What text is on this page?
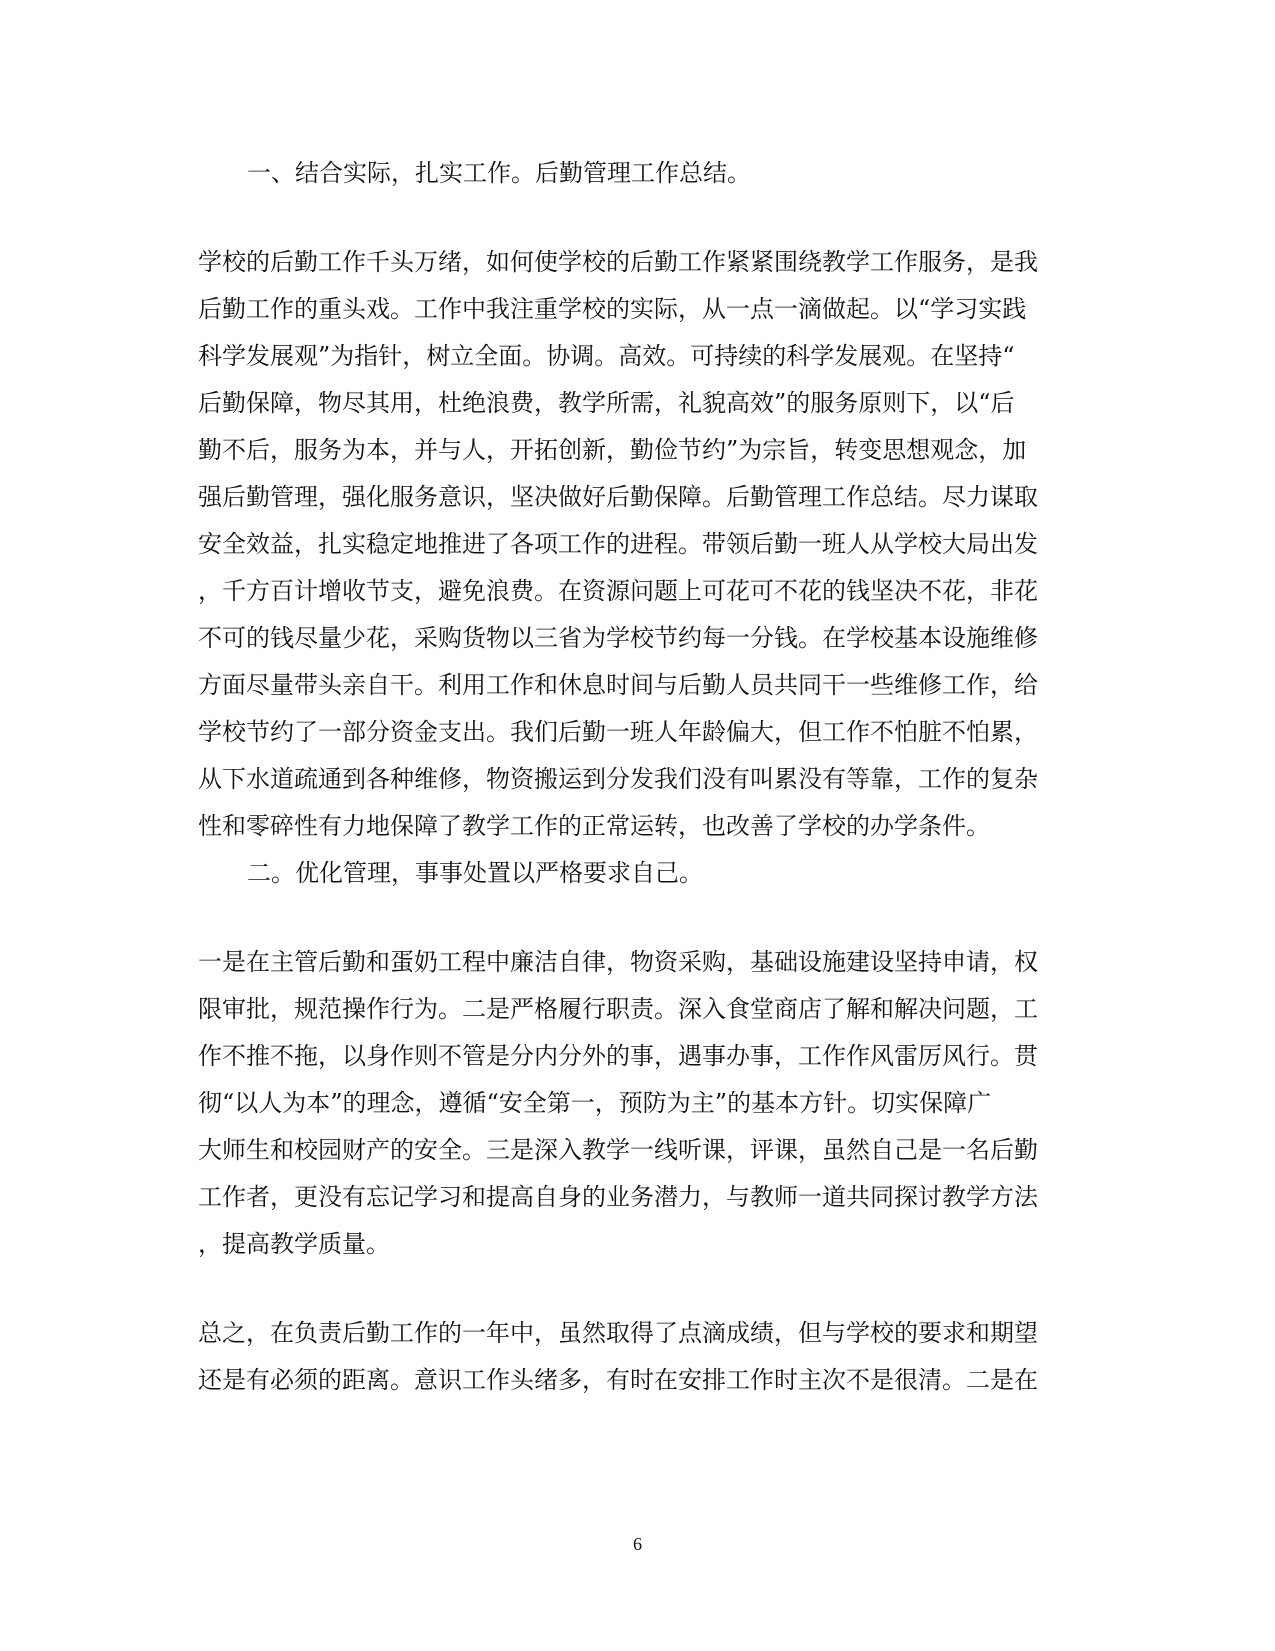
一、结合实际，扎实工作。后勤管理工作总结。
学校的后勤工作千头万绪，如何使学校的后勤工作紧紧围绕教学工作服务，是我
后勤工作的重头戏。工作中我注重学校的实际，从一点一滴做起。以“学习实践
科学发展观”为指针，树立全面。协调。高效。可持续的科学发展观。在坚持“
后勤保障，物尽其用，杜绝浪费，教学所需，礼貌高效”的服务原则下，以“后
勤不后，服务为本，并与人，开拓创新，勤俭节约”为宗旨，转变思想观念，加
强后勤管理，强化服务意识，坚决做好后勤保障。后勤管理工作总结。尽力谋取
安全效益，扎实稳定地推进了各项工作的进程。带领后勤一班人从学校大局出发
，千方百计增收节支，避免浪费。在资源问题上可花可不花的钱坚决不花，非花
不可的钱尽量少花，采购货物以三省为学校节约每一分钱。在学校基本设施维修
方面尽量带头亲自干。利用工作和休息时间与后勤人员共同干一些维修工作，给
学校节约了一部分资金支出。我们后勤一班人年龄偏大，但工作不怕脏不怕累，
从下水道疏通到各种维修，物资搬运到分发我们没有叫累没有等靠，工作的复杂
性和零碎性有力地保障了教学工作的正常运转，也改善了学校的办学条件。
二。优化管理，事事处置以严格要求自己。
一是在主管后勤和蛋奶工程中廉洁自律，物资采购，基础设施建设坚持申请，权
限审批，规范操作行为。二是严格履行职责。深入食堂商店了解和解决问题，工
作不推不拖，以身作则不管是分内分外的事，遇事办事，工作作风雷厉风行。贯
彻“以人为本”的理念，遵循“安全第一，预防为主”的基本方针。切实保障广
大师生和校园财产的安全。三是深入教学一线听课，评课，虽然自己是一名后勤
工作者，更没有忘记学习和提高自身的业务潜力，与教师一道共同探讨教学方法
，提高教学质量。
总之，在负责后勤工作的一年中，虽然取得了点滴成绩，但与学校的要求和期望
还是有必须的距离。意识工作头绪多，有时在安排工作时主次不是很清。二是在
6
